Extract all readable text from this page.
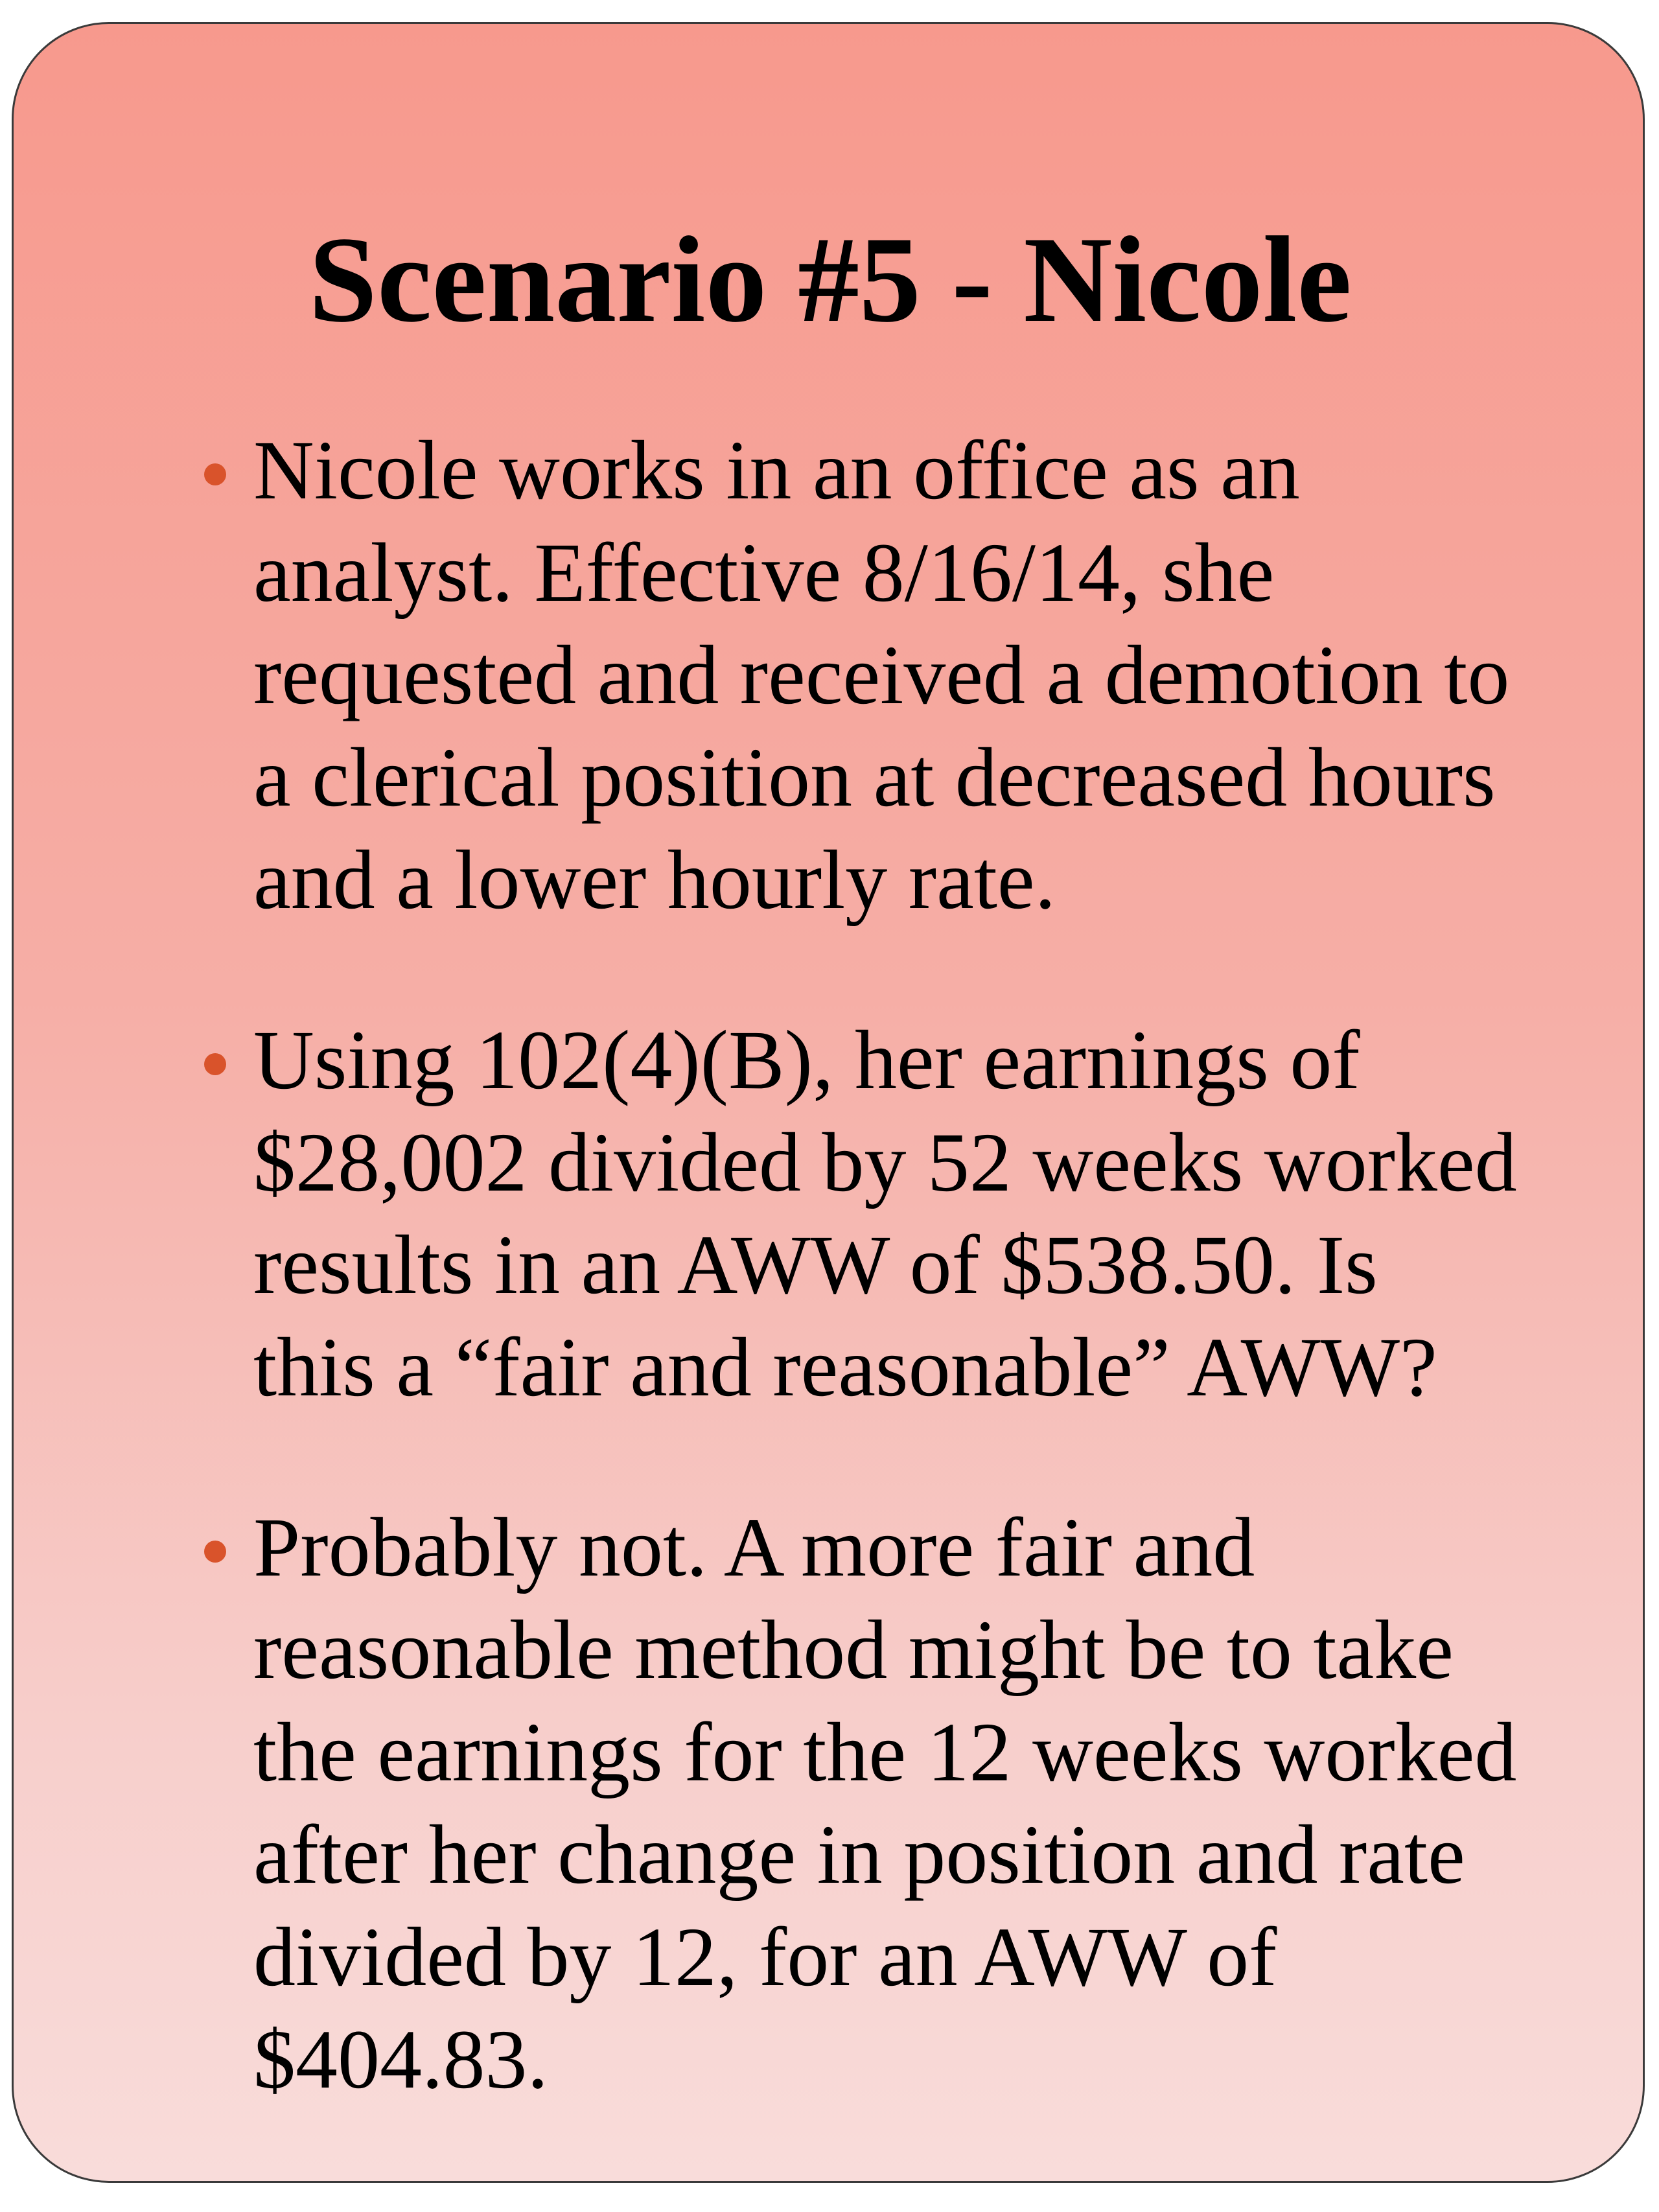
Scenario #5 - Nicole
Nicole works in an office as an
analyst. Effective 8/16/14, she
requested and received a demotion to
a clerical position at decreased hours
and a lower hourly rate.
Using 102(4)(B), her earnings of
$28,002 divided by 52 weeks worked
results in an AWW of $538.50. Is
this a “fair and reasonable” AWW?
Probably not. A more fair and
reasonable method might be to take
the earnings for the 12 weeks worked
after her change in position and rate
divided by 12, for an AWW of
$404.83.
